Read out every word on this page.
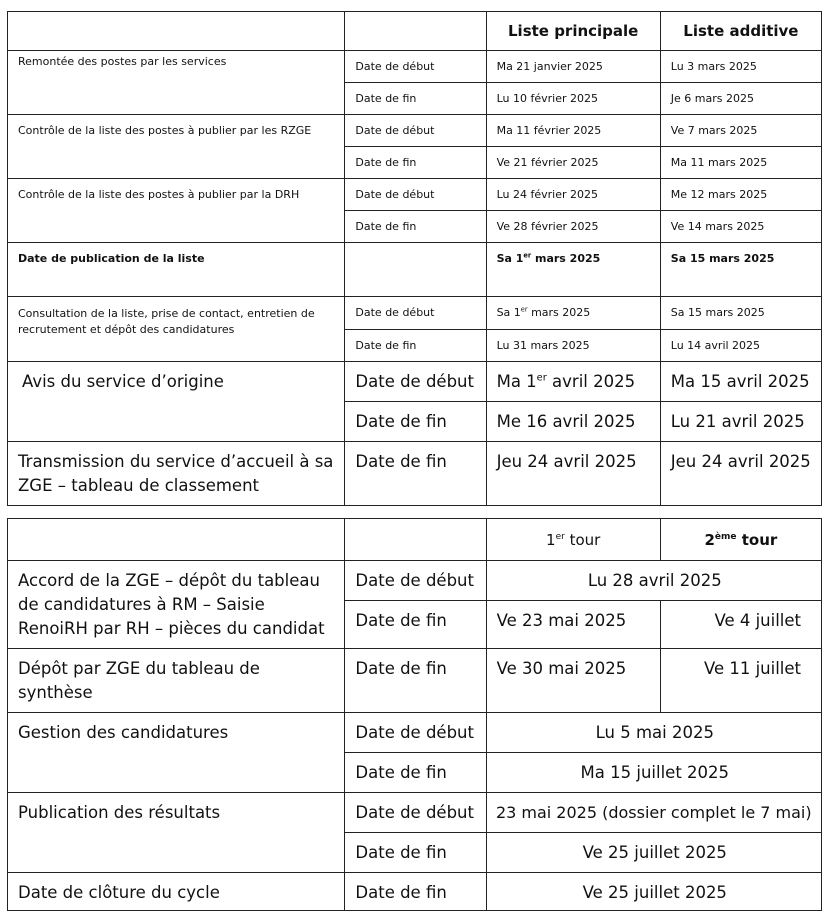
		Liste principale	Liste additive
Remontée des postes par les services	Date de début	Ma 21 janvier 2025	Lu 3 mars 2025
	Date de fin	Lu 10 février 2025	Je 6 mars 2025
Contrôle de la liste des postes à publier par les RZGE	Date de début	Ma 11 février 2025	Ve 7 mars 2025
	Date de fin	Ve 21 février 2025	Ma 11 mars 2025
Contrôle de la liste des postes à publier par la DRH	Date de début	Lu 24 février 2025	Me 12 mars 2025
	Date de fin	Ve 28 février 2025	Ve 14 mars 2025
Date de publication de la liste		Sa 1er mars 2025	Sa 15 mars 2025
Consultation de la liste, prise de contact, entretien de recrutement et dépôt des candidatures	Date de début	Sa 1er mars 2025	Sa 15 mars 2025
	Date de fin	Lu 31 mars 2025	Lu 14 avril 2025
Avis du service d’origine	Date de début	Ma 1er avril 2025	Ma 15 avril 2025
	Date de fin	Me 16 avril 2025	Lu 21 avril 2025
Transmission du service d’accueil à sa ZGE – tableau de classement	Date de fin	Jeu 24 avril 2025	Jeu 24 avril 2025
		1er tour	2ème tour
Accord de la ZGE – dépôt du tableau de candidatures à RM – Saisie RenoiRH par RH – pièces du candidat	Date de début	Lu 28 avril 2025	
	Date de fin	Ve 23 mai 2025	Ve 4 juillet
Dépôt par ZGE du tableau de synthèse	Date de fin	Ve 30 mai 2025	Ve 11 juillet
Gestion des candidatures	Date de début	Lu 5 mai 2025	
	Date de fin	Ma 15 juillet 2025	
Publication des résultats	Date de début	23 mai 2025 (dossier complet le 7 mai)	
	Date de fin	Ve 25 juillet 2025	
Date de clôture du cycle	Date de fin	Ve 25 juillet 2025	
